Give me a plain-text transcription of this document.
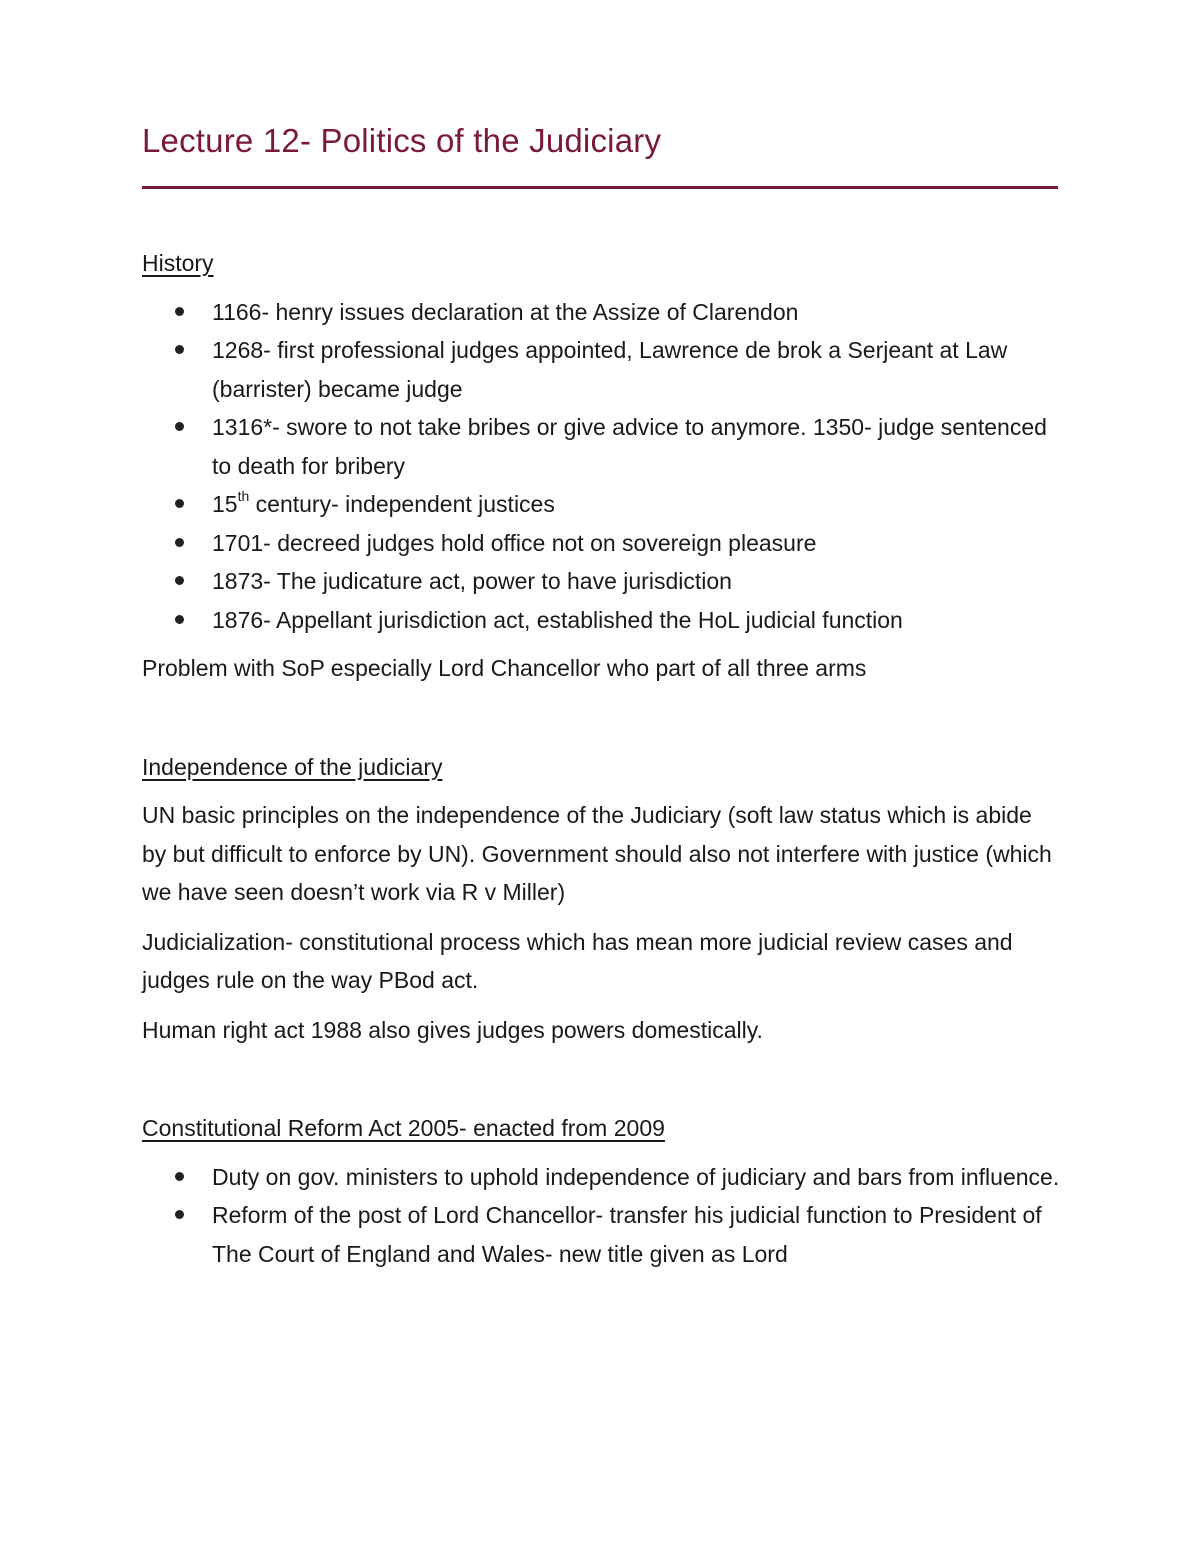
Lecture 12- Politics of the Judiciary
History
1166- henry issues declaration at the Assize of Clarendon
1268- first professional judges appointed, Lawrence de brok a Serjeant at Law (barrister) became judge
1316*- swore to not take bribes or give advice to anymore. 1350- judge sentenced to death for bribery
15th century- independent justices
1701- decreed judges hold office not on sovereign pleasure
1873- The judicature act, power to have jurisdiction
1876- Appellant jurisdiction act, established the HoL judicial function

Problem with SoP especially Lord Chancellor who part of all three arms

Independence of the judiciary

UN basic principles on the independence of the Judiciary (soft law status which is abide by but difficult to enforce by UN). Government should also not interfere with justice (which we have seen doesn’t work via R v Miller)

Judicialization- constitutional process which has mean more judicial review cases and judges rule on the way PBod act.

Human right act 1988 also gives judges powers domestically.

Constitutional Reform Act 2005- enacted from 2009
Duty on gov. ministers to uphold independence of judiciary and bars from influence.
Reform of the post of Lord Chancellor- transfer his judicial function to President of The Court of England and Wales- new title given as Lord
